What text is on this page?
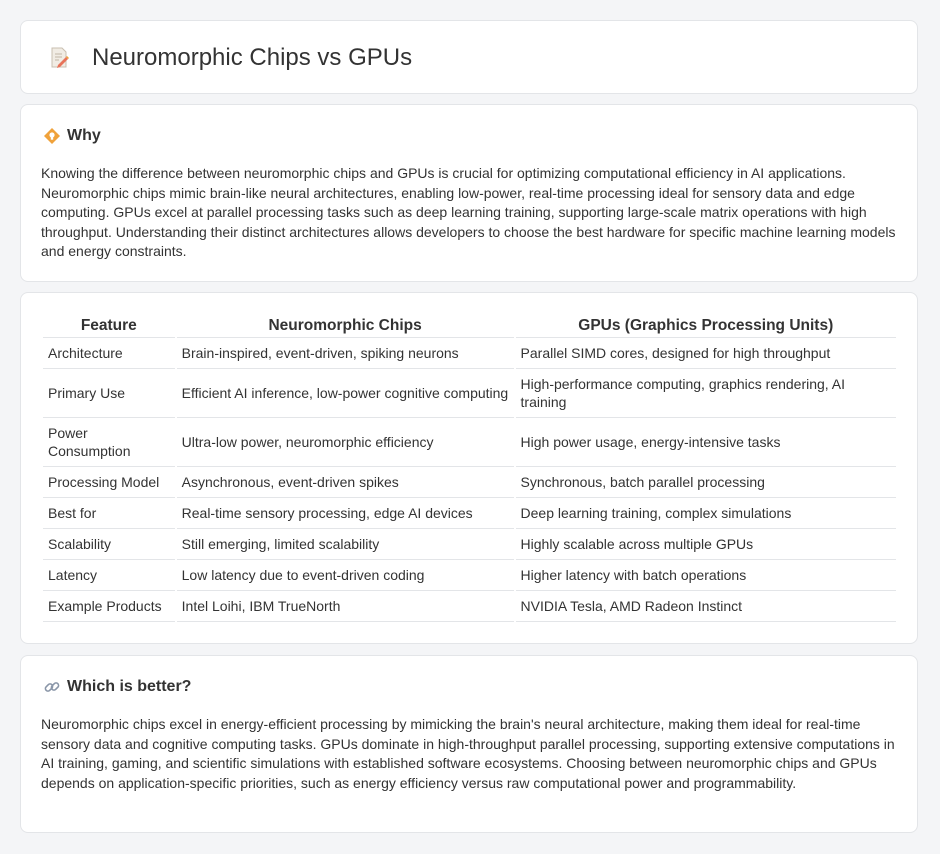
Neuromorphic Chips vs GPUs
Why

Knowing the difference between neuromorphic chips and GPUs is crucial for optimizing computational efficiency in AI applications. Neuromorphic chips mimic brain-like neural architectures, enabling low-power, real-time processing ideal for sensory data and edge computing. GPUs excel at parallel processing tasks such as deep learning training, supporting large-scale matrix operations with high throughput. Understanding their distinct architectures allows developers to choose the best hardware for specific machine learning models and energy constraints.

Feature	Neuromorphic Chips	GPUs (Graphics Processing Units)
Architecture	Brain-inspired, event-driven, spiking neurons	Parallel SIMD cores, designed for high throughput
Primary Use	Efficient AI inference, low-power cognitive computing	High-performance computing, graphics rendering, AI training
Power Consumption	Ultra-low power, neuromorphic efficiency	High power usage, energy-intensive tasks
Processing Model	Asynchronous, event-driven spikes	Synchronous, batch parallel processing
Best for	Real-time sensory processing, edge AI devices	Deep learning training, complex simulations
Scalability	Still emerging, limited scalability	Highly scalable across multiple GPUs
Latency	Low latency due to event-driven coding	Higher latency with batch operations
Example Products	Intel Loihi, IBM TrueNorth	NVIDIA Tesla, AMD Radeon Instinct
Which is better?

Neuromorphic chips excel in energy-efficient processing by mimicking the brain's neural architecture, making them ideal for real-time sensory data and cognitive computing tasks. GPUs dominate in high-throughput parallel processing, supporting extensive computations in AI training, gaming, and scientific simulations with established software ecosystems. Choosing between neuromorphic chips and GPUs depends on application-specific priorities, such as energy efficiency versus raw computational power and programmability.
